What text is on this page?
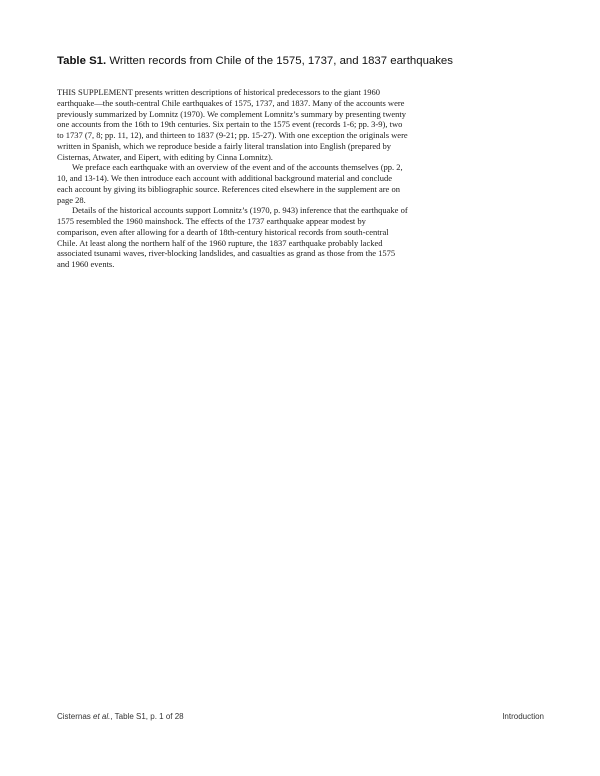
Table S1. Written records from Chile of the 1575, 1737, and 1837 earthquakes

THIS SUPPLEMENT presents written descriptions of historical predecessors to the giant 1960 earthquake—the south-central Chile earthquakes of 1575, 1737, and 1837. Many of the accounts were previously summarized by Lomnitz (1970). We complement Lomnitz’s summary by presenting twenty one accounts from the 16th to 19th centuries. Six pertain to the 1575 event (records 1-6; pp. 3-9), two to 1737 (7, 8; pp. 11, 12), and thirteen to 1837 (9-21; pp. 15-27). With one exception the originals were written in Spanish, which we reproduce beside a fairly literal translation into English (prepared by Cisternas, Atwater, and Eipert, with editing by Cinna Lomnitz).

We preface each earthquake with an overview of the event and of the accounts themselves (pp. 2, 10, and 13-14). We then introduce each account with additional background material and conclude each account by giving its bibliographic source. References cited elsewhere in the supplement are on page 28.

Details of the historical accounts support Lomnitz’s (1970, p. 943) inference that the earthquake of 1575 resembled the 1960 mainshock. The effects of the 1737 earthquake appear modest by comparison, even after allowing for a dearth of 18th-century historical records from south-central Chile. At least along the northern half of the 1960 rupture, the 1837 earthquake probably lacked associated tsunami waves, river-blocking landslides, and casualties as grand as those from the 1575 and 1960 events.

Cisternas et al., Table S1, p. 1 of 28	Introduction
